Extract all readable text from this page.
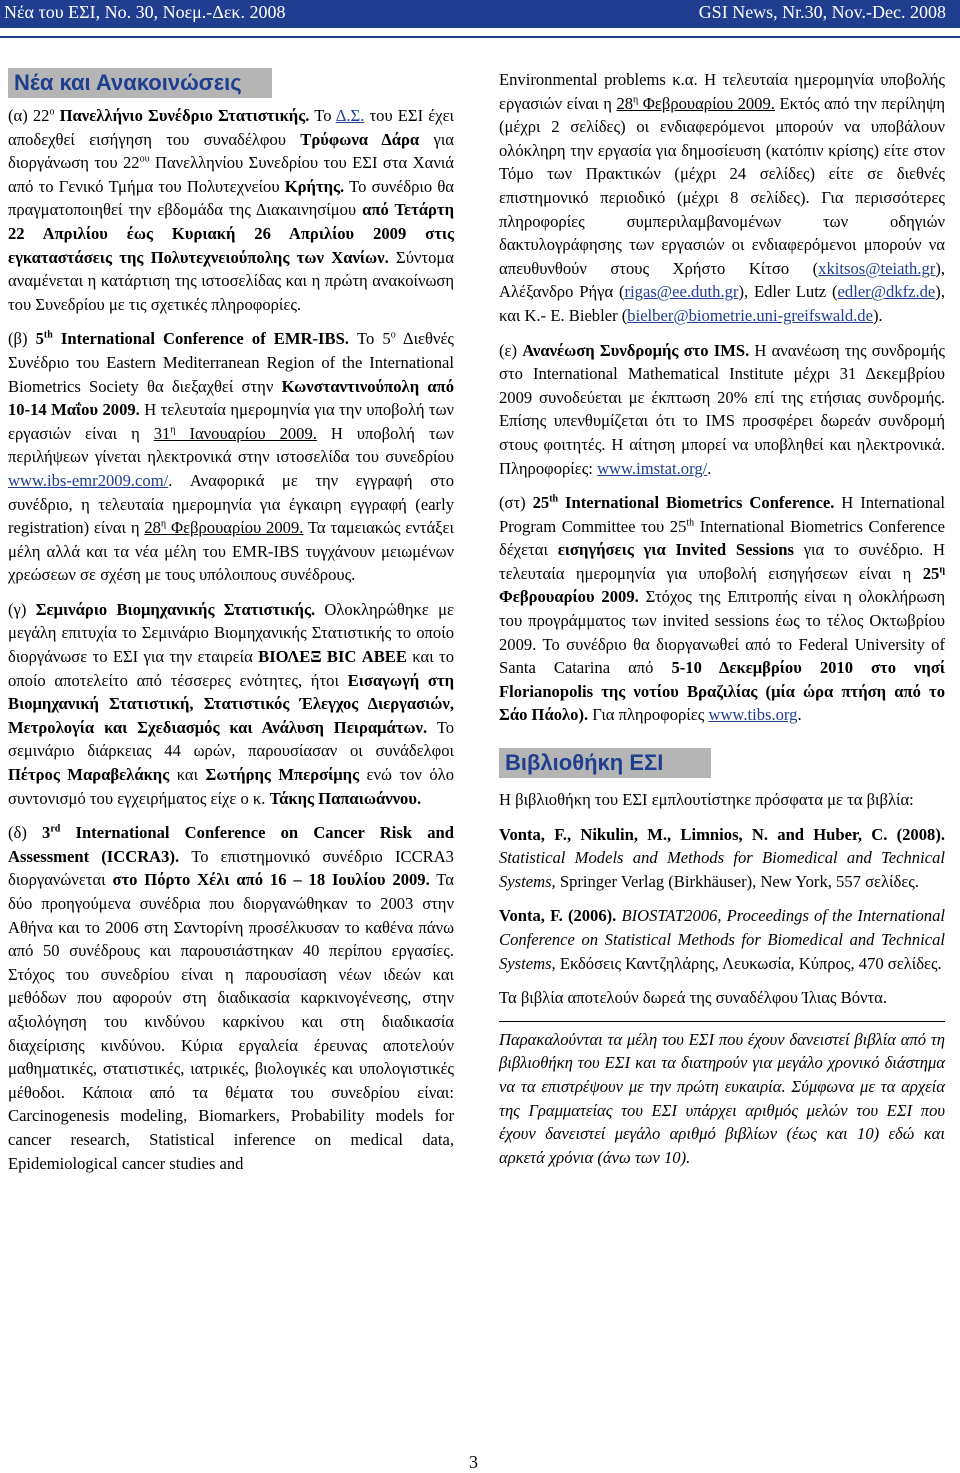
Νέα του ΕΣΙ, No. 30, Νοεμ.-Δεκ. 2008	GSI News, Nr.30, Nov.-Dec. 2008
Νέα και Ανακοινώσεις

(α) $22^o$ Πανελλήνιο Συνέδριο Στατιστικής. Το Δ.Σ. του ΕΣΙ έχει αποδεχθεί εισήγηση του συναδέλφου Τρύφωνα Δάρα για διοργάνωση του $22^{o\upsilon}$ Πανελληνίου Συνεδρίου του ΕΣΙ στα Χανιά από το Γενικό Τμήμα του Πολυτεχνείου Κρήτης. Το συνέδριο θα πραγματοποιηθεί την εβδομάδα της Διακαινησίμου από Τετάρτη 22 Απριλίου έως Κυριακή 26 Απριλίου 2009 στις εγκαταστάσεις της Πολυτεχνειούπολης των Χανίων. Σύντομα αναμένεται η κατάρτιση της ιστοσελίδας και η πρώτη ανακοίνωση του Συνεδρίου με τις σχετικές πληροφορίες.

(β) 5th International Conference of EMR-IBS. Το $5^o$ Διεθνές Συνέδριο του Eastern Mediterranean Region of the International Biometrics Society θα διεξαχθεί στην Κωνσταντινούπολη από 10-14 Μαΐου 2009. Η τελευταία ημερομηνία για την υποβολή των εργασιών είναι η $31^\eta$ Ιανουαρίου 2009. Η υποβολή των περιλήψεων γίνεται ηλεκτρονικά στην ιστοσελίδα του συνεδρίου www.ibs-emr2009.com/. Αναφορικά με την εγγραφή στο συνέδριο, η τελευταία ημερομηνία για έγκαιρη εγγραφή (early registration) είναι η $28^\eta$ Φεβρουαρίου 2009. Τα ταμειακώς εντάξει μέλη αλλά και τα νέα μέλη του EMR-IBS τυγχάνουν μειωμένων χρεώσεων σε σχέση με τους υπόλοιπους συνέδρους.

(γ) Σεμινάριο Βιομηχανικής Στατιστικής. Ολοκληρώθηκε με μεγάλη επιτυχία το Σεμινάριο Βιομηχανικής Στατιστικής το οποίο διοργάνωσε το ΕΣΙ για την εταιρεία ΒΙΟΛΕΞ ΒΙC ΑΒΕΕ και το οποίο αποτελείτο από τέσσερες ενότητες, ήτοι Εισαγωγή στη Βιομηχανική Στατιστική, Στατιστικός Έλεγχος Διεργασιών, Μετρολογία και Σχεδιασμός και Ανάλυση Πειραμάτων. Το σεμινάριο διάρκειας 44 ωρών, παρουσίασαν οι συνάδελφοι Πέτρος Μαραβελάκης και Σωτήρης Μπερσίμης ενώ τον όλο συντονισμό του εγχειρήματος είχε ο κ. Τάκης Παπαιωάννου.

(δ) 3rd International Conference on Cancer Risk and Assessment (ICCRA3). Το επιστημονικό συνέδριο ICCRA3 διοργανώνεται στο Πόρτο Χέλι από 16 – 18 Ιουλίου 2009. Τα δύο προηγούμενα συνέδρια που διοργανώθηκαν το 2003 στην Αθήνα και το 2006 στη Σαντορίνη προσέλκυσαν το καθένα πάνω από 50 συνέδρους και παρουσιάστηκαν 40 περίπου εργασίες. Στόχος του συνεδρίου είναι η παρουσίαση νέων ιδεών και μεθόδων που αφορούν στη διαδικασία καρκινογένεσης, στην αξιολόγηση του κινδύνου καρκίνου και στη διαδικασία διαχείρισης κινδύνου. Κύρια εργαλεία έρευνας αποτελούν μαθηματικές, στατιστικές, ιατρικές, βιολογικές και υπολογιστικές μέθοδοι. Κάποια από τα θέματα του συνεδρίου είναι: Carcinogenesis modeling, Biomarkers, Probability models for cancer research, Statistical inference on medical data, Epidemiological cancer studies and

Environmental problems κ.α. Η τελευταία ημερομηνία υποβολής εργασιών είναι η $28^\eta$ Φεβρουαρίου 2009. Εκτός από την περίληψη (μέχρι 2 σελίδες) οι ενδιαφερόμενοι μπορούν να υποβάλουν ολόκληρη την εργασία για δημοσίευση (κατόπιν κρίσης) είτε στον Τόμο των Πρακτικών (μέχρι 24 σελίδες) είτε σε διεθνές επιστημονικό περιοδικό (μέχρι 8 σελίδες). Για περισσότερες πληροφορίες συμπεριλαμβανομένων των οδηγιών δακτυλογράφησης των εργασιών οι ενδιαφερόμενοι μπορούν να απευθυνθούν στους Χρήστο Κίτσο (xkitsos@teiath.gr), Αλέξανδρο Ρήγα (rigas@ee.duth.gr), Edler Lutz (edler@dkfz.de), και K.- E. Biebler (bielber@biometrie.uni-greifswald.de).

(ε) Ανανέωση Συνδρομής στο IMS. Η ανανέωση της συνδρομής στο International Mathematical Institute μέχρι 31 Δεκεμβρίου 2009 συνοδεύεται με έκπτωση 20% επί της ετήσιας συνδρομής. Επίσης υπενθυμίζεται ότι το IMS προσφέρει δωρεάν συνδρομή στους φοιτητές. Η αίτηση μπορεί να υποβληθεί και ηλεκτρονικά. Πληροφορίες: www.imstat.org/.

(στ) 25th International Biometrics Conference. Η International Program Committee του 25th International Biometrics Conference δέχεται εισηγήσεις για Invited Sessions για το συνέδριο. Η τελευταία ημερομηνία για υποβολή εισηγήσεων είναι η $25^\eta$ Φεβρουαρίου 2009. Στόχος της Επιτροπής είναι η ολοκλήρωση του προγράμματος των invited sessions έως το τέλος Οκτωβρίου 2009. Το συνέδριο θα διοργανωθεί από το Federal University of Santa Catarina από 5-10 Δεκεμβρίου 2010 στο νησί Florianopolis της νοτίου Βραζιλίας (μία ώρα πτήση από το Σάο Πάολο). Για πληροφορίες www.tibs.org.

Βιβλιοθήκη ΕΣΙ

Η βιβλιοθήκη του ΕΣΙ εμπλουτίστηκε πρόσφατα με τα βιβλία:

Vonta, F., Nikulin, M., Limnios, N. and Huber, C. (2008). Statistical Models and Methods for Biomedical and Technical Systems, Springer Verlag (Birkhäuser), New York, 557 σελίδες.

Vonta, F. (2006). BIOSTAT2006, Proceedings of the International Conference on Statistical Methods for Biomedical and Technical Systems, Εκδόσεις Καντζηλάρης, Λευκωσία, Κύπρος, 470 σελίδες.

Τα βιβλία αποτελούν δωρεά της συναδέλφου Ίλιας Βόντα.

Παρακαλούνται τα μέλη του ΕΣΙ που έχουν δανειστεί βιβλία από τη βιβλιοθήκη του ΕΣΙ και τα διατηρούν για μεγάλο χρονικό διάστημα να τα επιστρέψουν με την πρώτη ευκαιρία. Σύμφωνα με τα αρχεία της Γραμματείας του ΕΣΙ υπάρχει αριθμός μελών του ΕΣΙ που έχουν δανειστεί μεγάλο αριθμό βιβλίων (έως και 10) εδώ και αρκετά χρόνια (άνω των 10).

3
